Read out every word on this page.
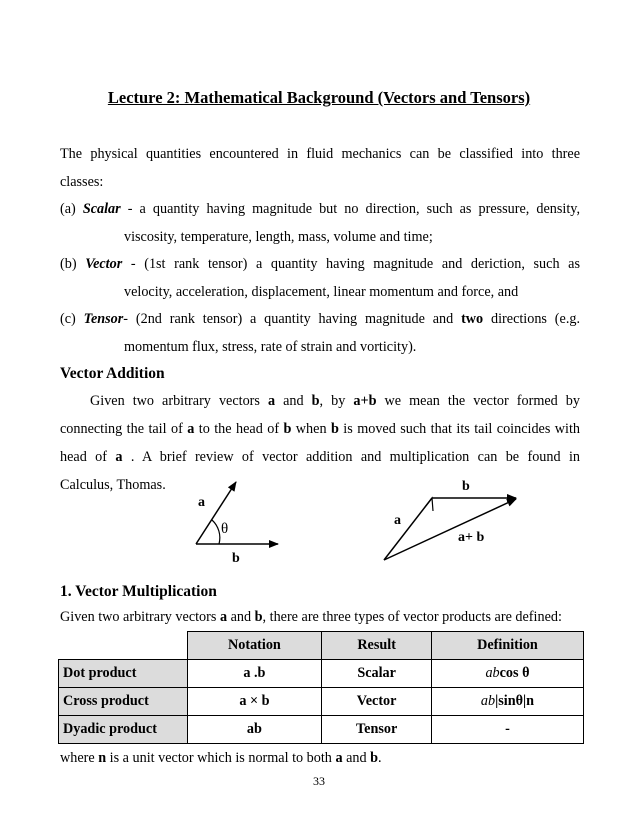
Lecture 2: Mathematical Background (Vectors and Tensors)
The physical quantities encountered in fluid mechanics can be classified into three
classes:
(a) Scalar - a quantity having magnitude but no direction, such as pressure, density,
viscosity, temperature, length, mass, volume and time;
(b) Vector - (1st rank tensor) a quantity having magnitude and deriction, such as
velocity, acceleration, displacement, linear momentum and force, and
(c) Tensor- (2nd rank tensor) a quantity having magnitude and two directions (e.g.
momentum flux, stress, rate of strain and vorticity).
Vector Addition
Given two arbitrary vectors a and b, by a+b we mean the vector formed by
connecting the tail of a to the head of b when b is moved such that its tail coincides with
head of a . A brief review of vector addition and multiplication can be found in
Calculus, Thomas.
a
θ
b
a
b
a+ b
1. Vector Multiplication
Given two arbitrary vectors a and b, there are three types of vector products are defined:
	Notation	Result	Definition
Dot product	a .b	Scalar	abcos θ
Cross product	a × b	Vector	ab|sinθ|n
Dyadic product	ab	Tensor	-
where n is a unit vector which is normal to both a and b.
33
